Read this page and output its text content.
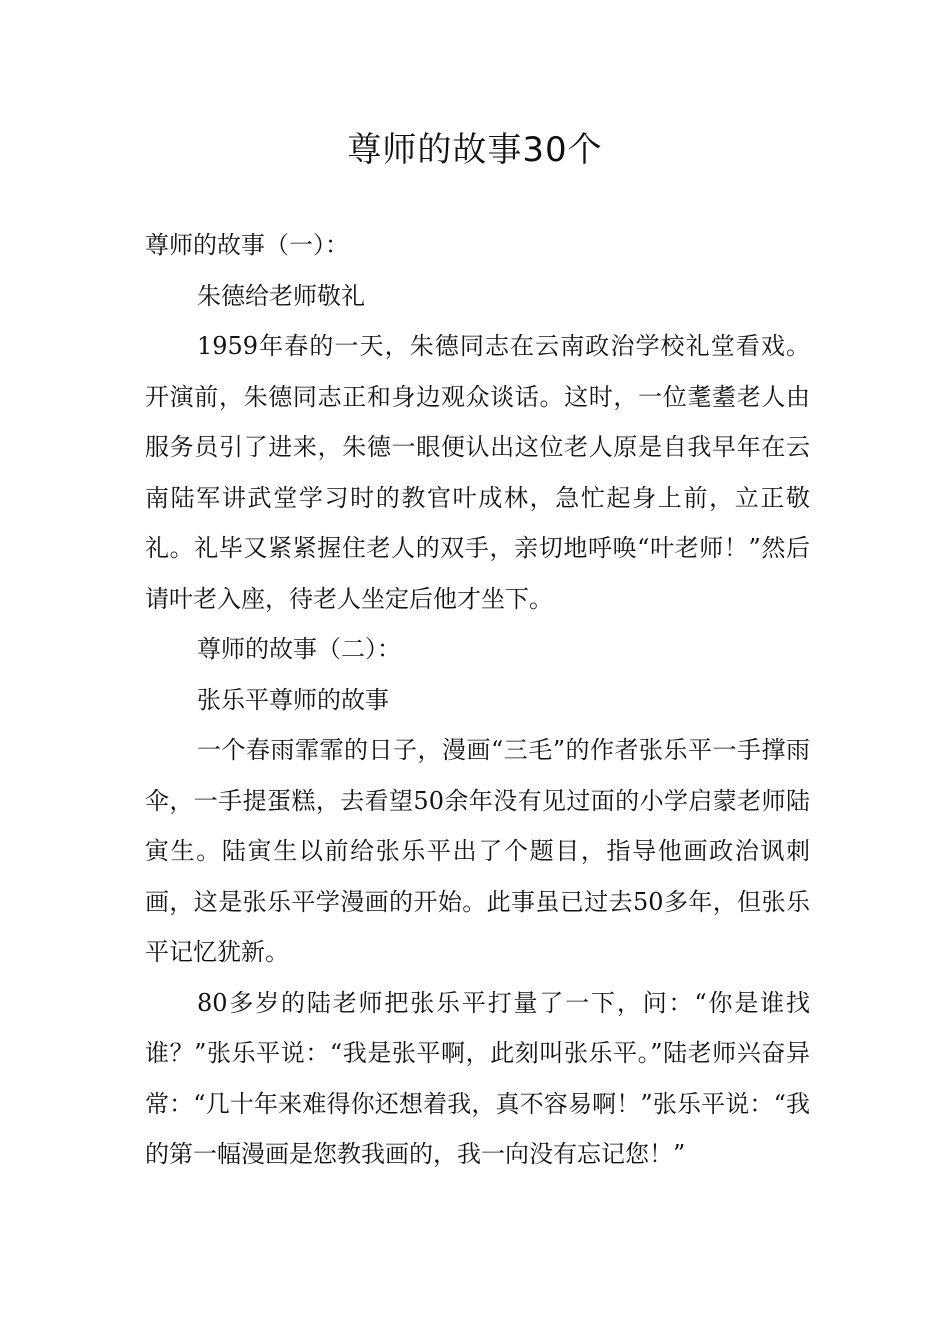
尊师的故事30个

尊师的故事（一）：

朱德给老师敬礼

1959年春的一天，朱德同志在云南政治学校礼堂看戏。开演前，朱德同志正和身边观众谈话。这时，一位耄耋老人由服务员引了进来，朱德一眼便认出这位老人原是自我早年在云南陆军讲武堂学习时的教官叶成林，急忙起身上前，立正敬礼。礼毕又紧紧握住老人的双手，亲切地呼唤“叶老师！”然后请叶老入座，待老人坐定后他才坐下。

尊师的故事（二）：

张乐平尊师的故事

一个春雨霏霏的日子，漫画“三毛”的作者张乐平一手撑雨伞，一手提蛋糕，去看望50余年没有见过面的小学启蒙老师陆寅生。陆寅生以前给张乐平出了个题目，指导他画政治讽刺画，这是张乐平学漫画的开始。此事虽已过去50多年，但张乐平记忆犹新。

80多岁的陆老师把张乐平打量了一下，问：“你是谁找谁？”张乐平说：“我是张平啊，此刻叫张乐平。”陆老师兴奋异常：“几十年来难得你还想着我，真不容易啊！”张乐平说：“我的第一幅漫画是您教我画的，我一向没有忘记您！”
